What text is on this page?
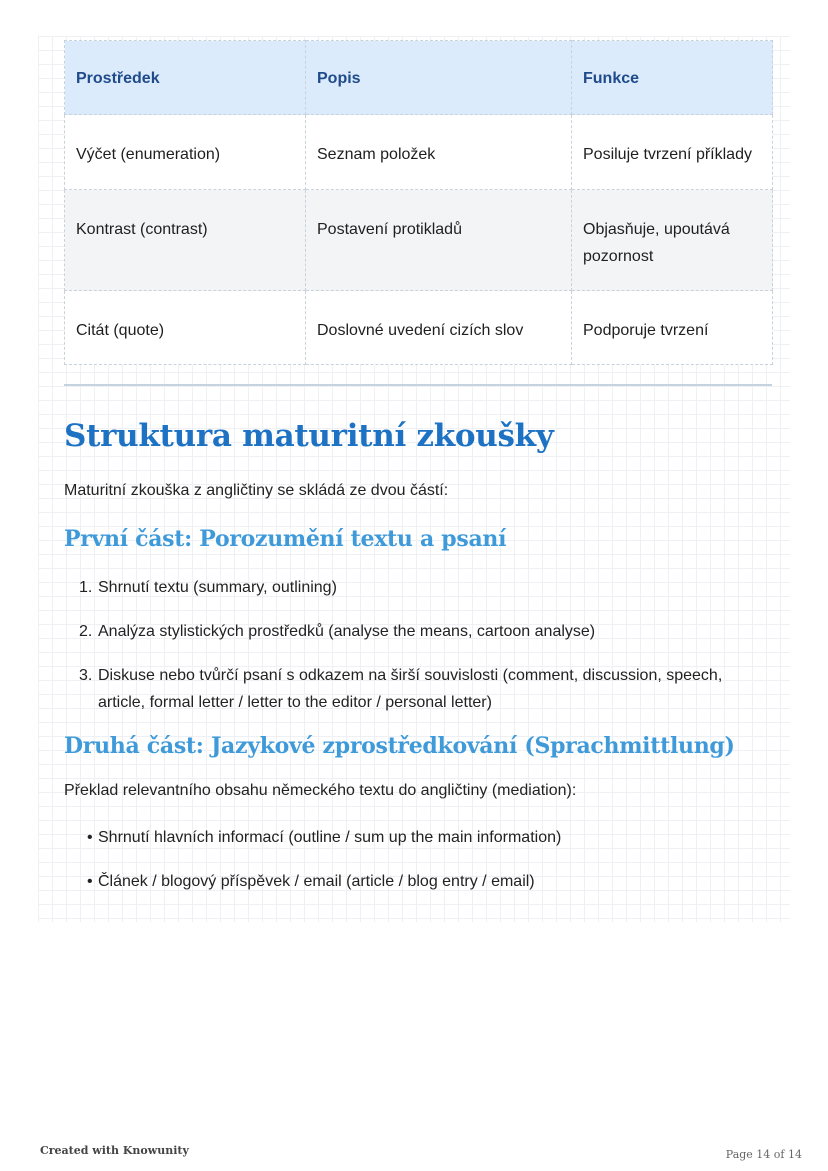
Prostředek	Popis	Funkce
Výčet (enumeration)	Seznam položek	Posiluje tvrzení příklady
Kontrast (contrast)	Postavení protikladů	Objasňuje, upoutává pozornost
Citát (quote)	Doslovné uvedení cizích slov	Podporuje tvrzení
Struktura maturitní zkoušky

Maturitní zkouška z angličtiny se skládá ze dvou částí:

První část: Porozumění textu a psaní
1. Shrnutí textu (summary, outlining)
2. Analýza stylistických prostředků (analyse the means, cartoon analyse)
3. Diskuse nebo tvůrčí psaní s odkazem na širší souvislosti (comment, discussion, speech, article, formal letter / letter to the editor / personal letter)
Druhá část: Jazykové zprostředkování (Sprachmittlung)

Překlad relevantního obsahu německého textu do angličtiny (mediation):

• Shrnutí hlavních informací (outline / sum up the main information)
• Článek / blogový příspěvek / email (article / blog entry / email)
Created with Knowunity	Page 14 of 14
